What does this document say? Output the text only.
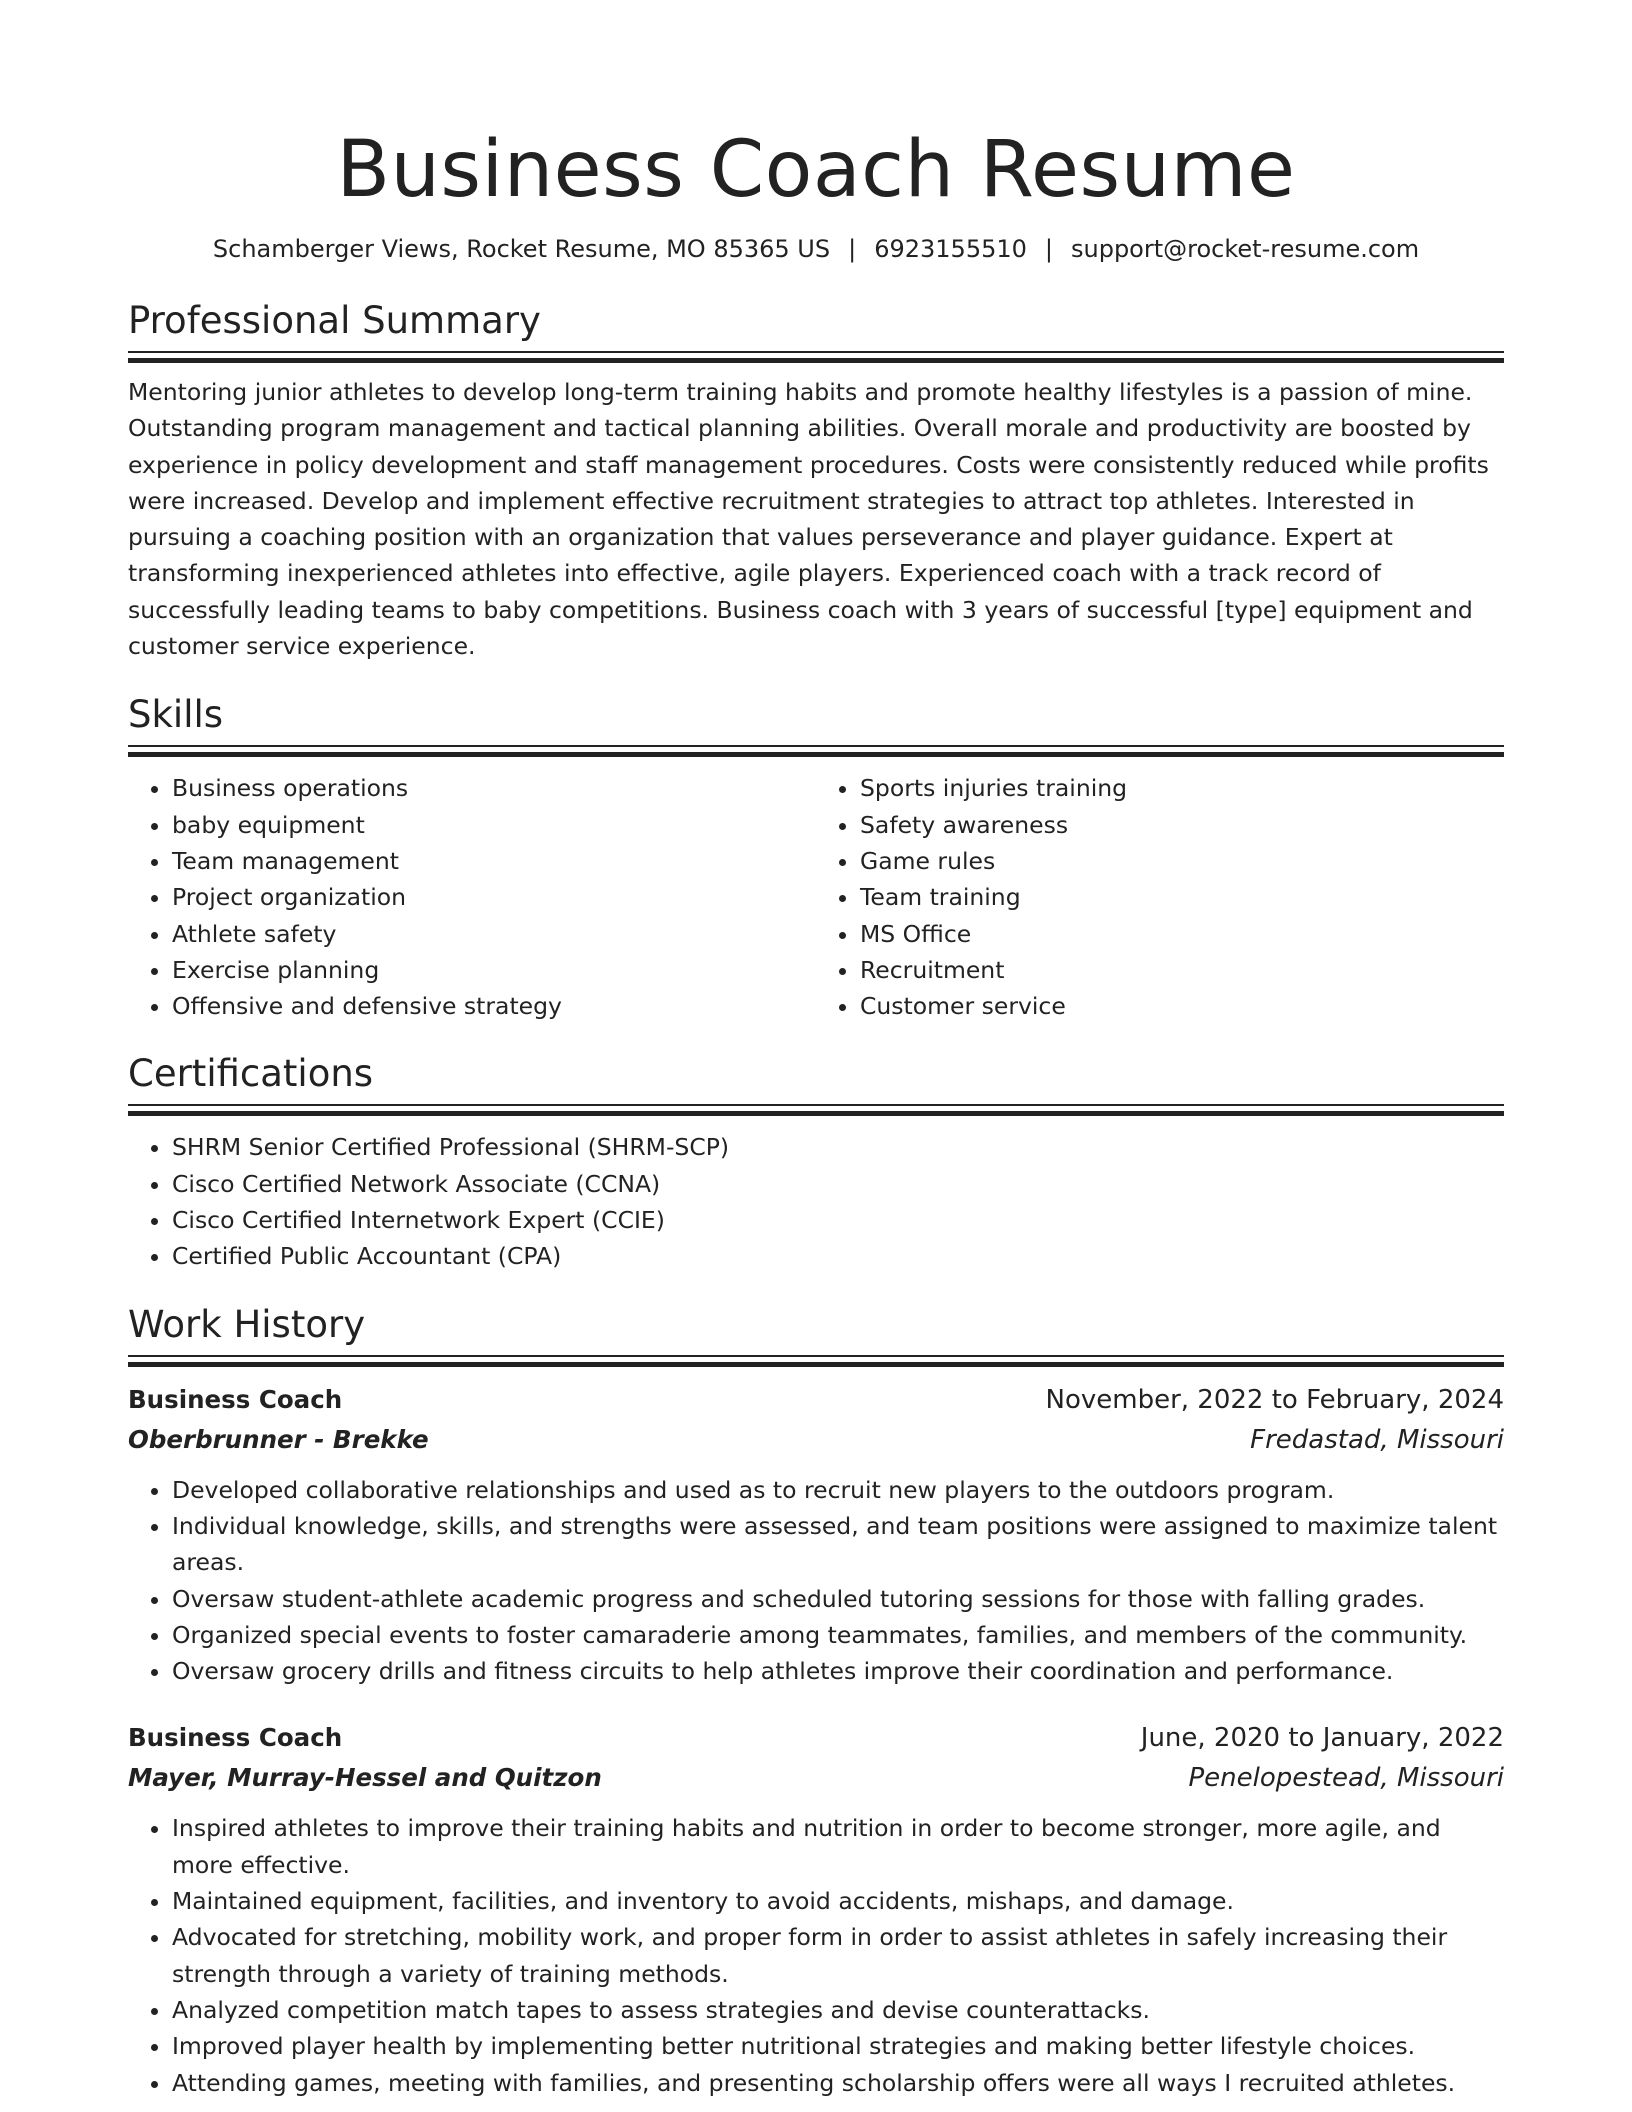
Business Coach Resume
Schamberger Views, Rocket Resume, MO 85365 US | 6923155510 | support@rocket-resume.com
Professional Summary
Mentoring junior athletes to develop long-term training habits and promote healthy lifestyles is a passion of mine. Outstanding program management and tactical planning abilities. Overall morale and productivity are boosted by experience in policy development and staff management procedures. Costs were consistently reduced while profits were increased. Develop and implement effective recruitment strategies to attract top athletes. Interested in pursuing a coaching position with an organization that values perseverance and player guidance. Expert at transforming inexperienced athletes into effective, agile players. Experienced coach with a track record of successfully leading teams to baby competitions. Business coach with 3 years of successful [type] equipment and customer service experience.
Skills
• Business operations
• baby equipment
• Team management
• Project organization
• Athlete safety
• Exercise planning
• Offensive and defensive strategy
• Sports injuries training
• Safety awareness
• Game rules
• Team training
• MS Office
• Recruitment
• Customer service
Certifications
• SHRM Senior Certified Professional (SHRM-SCP)
• Cisco Certified Network Associate (CCNA)
• Cisco Certified Internetwork Expert (CCIE)
• Certified Public Accountant (CPA)
Work History
Business Coach	November, 2022 to February, 2024
Oberbrunner - Brekke	Fredastad, Missouri
• Developed collaborative relationships and used as to recruit new players to the outdoors program.
• Individual knowledge, skills, and strengths were assessed, and team positions were assigned to maximize talent areas.
• Oversaw student-athlete academic progress and scheduled tutoring sessions for those with falling grades.
• Organized special events to foster camaraderie among teammates, families, and members of the community.
• Oversaw grocery drills and fitness circuits to help athletes improve their coordination and performance.
Business Coach	June, 2020 to January, 2022
Mayer, Murray-Hessel and Quitzon	Penelopestead, Missouri
• Inspired athletes to improve their training habits and nutrition in order to become stronger, more agile, and more effective.
• Maintained equipment, facilities, and inventory to avoid accidents, mishaps, and damage.
• Advocated for stretching, mobility work, and proper form in order to assist athletes in safely increasing their strength through a variety of training methods.
• Analyzed competition match tapes to assess strategies and devise counterattacks.
• Improved player health by implementing better nutritional strategies and making better lifestyle choices.
• Attending games, meeting with families, and presenting scholarship offers were all ways I recruited athletes.
